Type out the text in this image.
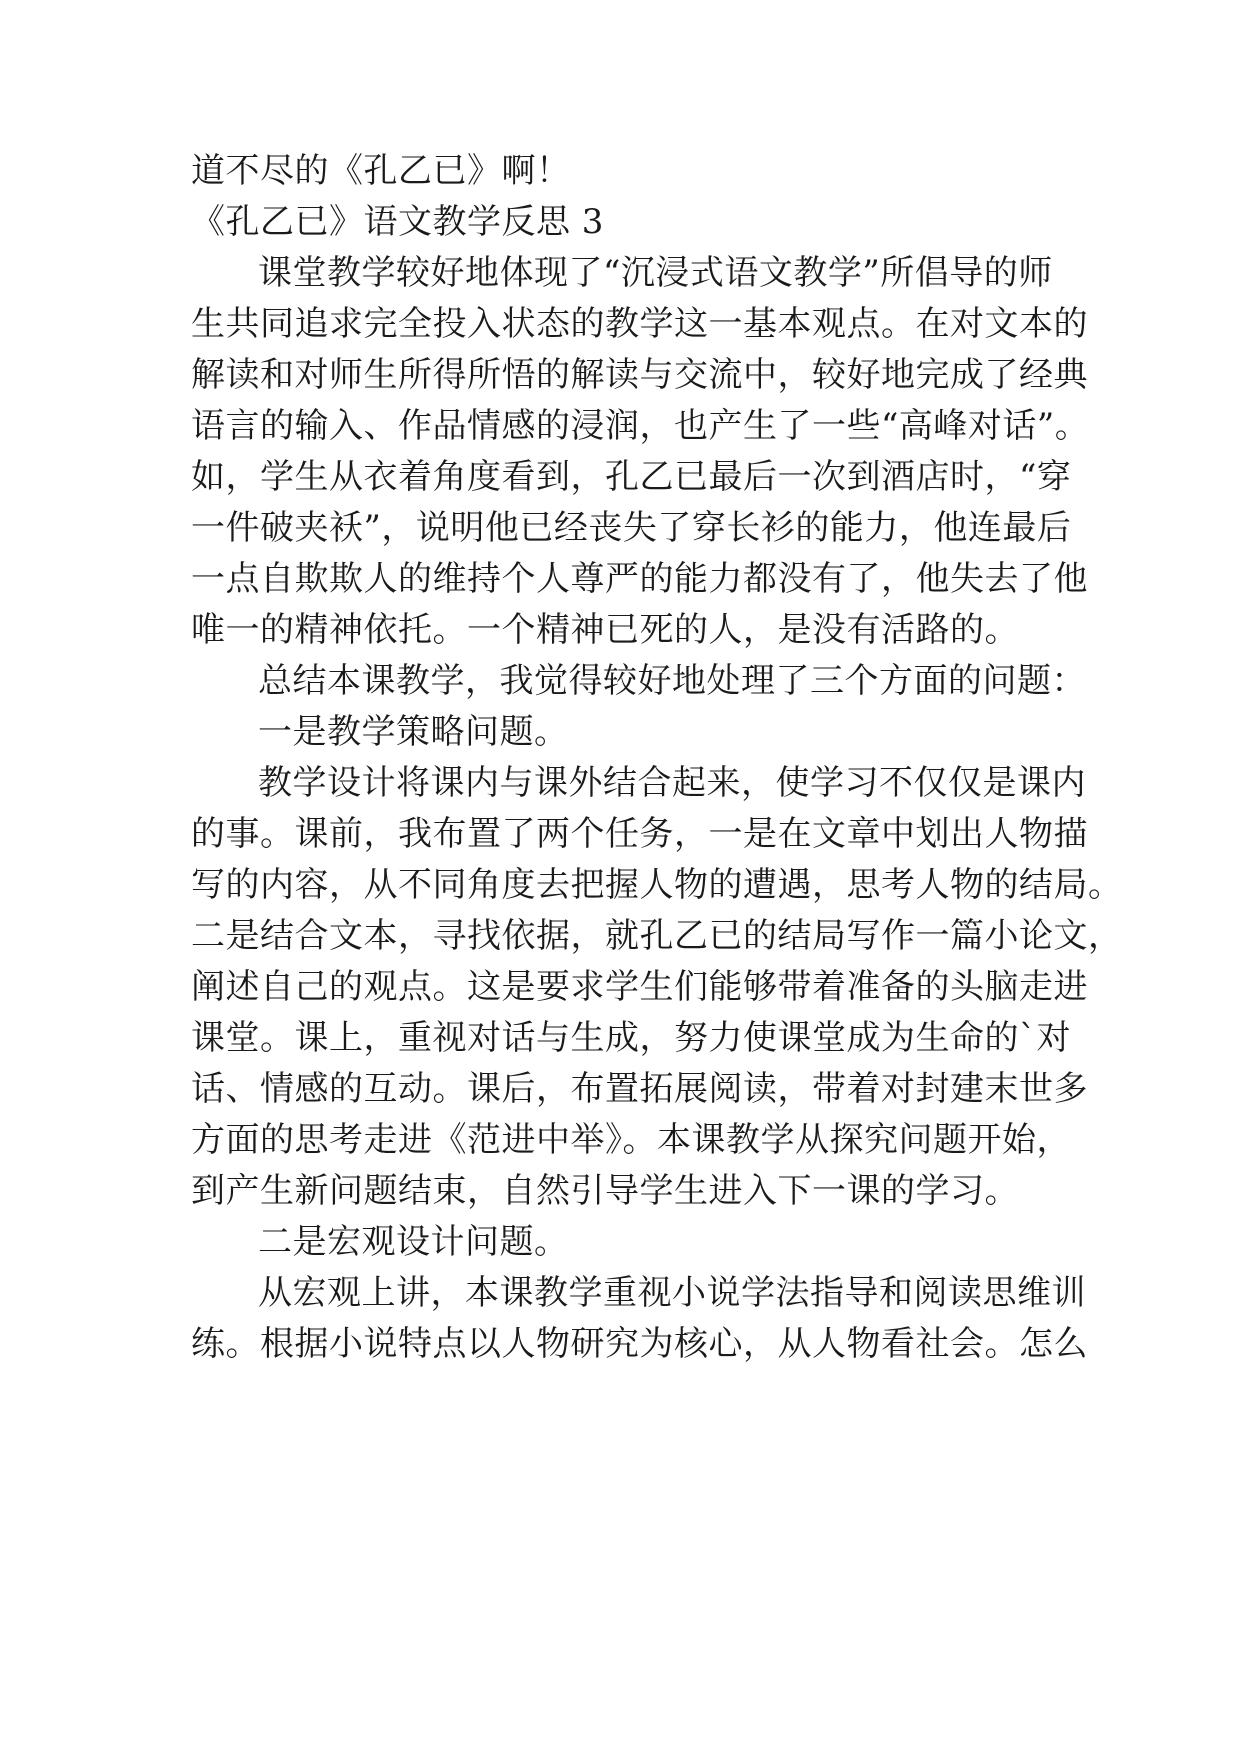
道不尽的《孔乙已》啊！
《孔乙已》语文教学反思 3
课堂教学较好地体现了“沉浸式语文教学”所倡导的师
生共同追求完全投入状态的教学这一基本观点。在对文本的
解读和对师生所得所悟的解读与交流中，较好地完成了经典
语言的输入、作品情感的浸润，也产生了一些“高峰对话”。
如，学生从衣着角度看到，孔乙已最后一次到酒店时，“穿
一件破夹袄”，说明他已经丧失了穿长衫的能力，他连最后
一点自欺欺人的维持个人尊严的能力都没有了，他失去了他
唯一的精神依托。一个精神已死的人，是没有活路的。
总结本课教学，我觉得较好地处理了三个方面的问题：
一是教学策略问题。
教学设计将课内与课外结合起来，使学习不仅仅是课内
的事。课前，我布置了两个任务，一是在文章中划出人物描
写的内容，从不同角度去把握人物的遭遇，思考人物的结局。
二是结合文本，寻找依据，就孔乙已的结局写作一篇小论文，
阐述自己的观点。这是要求学生们能够带着准备的头脑走进
课堂。课上，重视对话与生成，努力使课堂成为生命的`对
话、情感的互动。课后，布置拓展阅读，带着对封建末世多
方面的思考走进《范进中举》。本课教学从探究问题开始，
到产生新问题结束，自然引导学生进入下一课的学习。
二是宏观设计问题。
从宏观上讲，本课教学重视小说学法指导和阅读思维训
练。根据小说特点以人物研究为核心，从人物看社会。怎么
